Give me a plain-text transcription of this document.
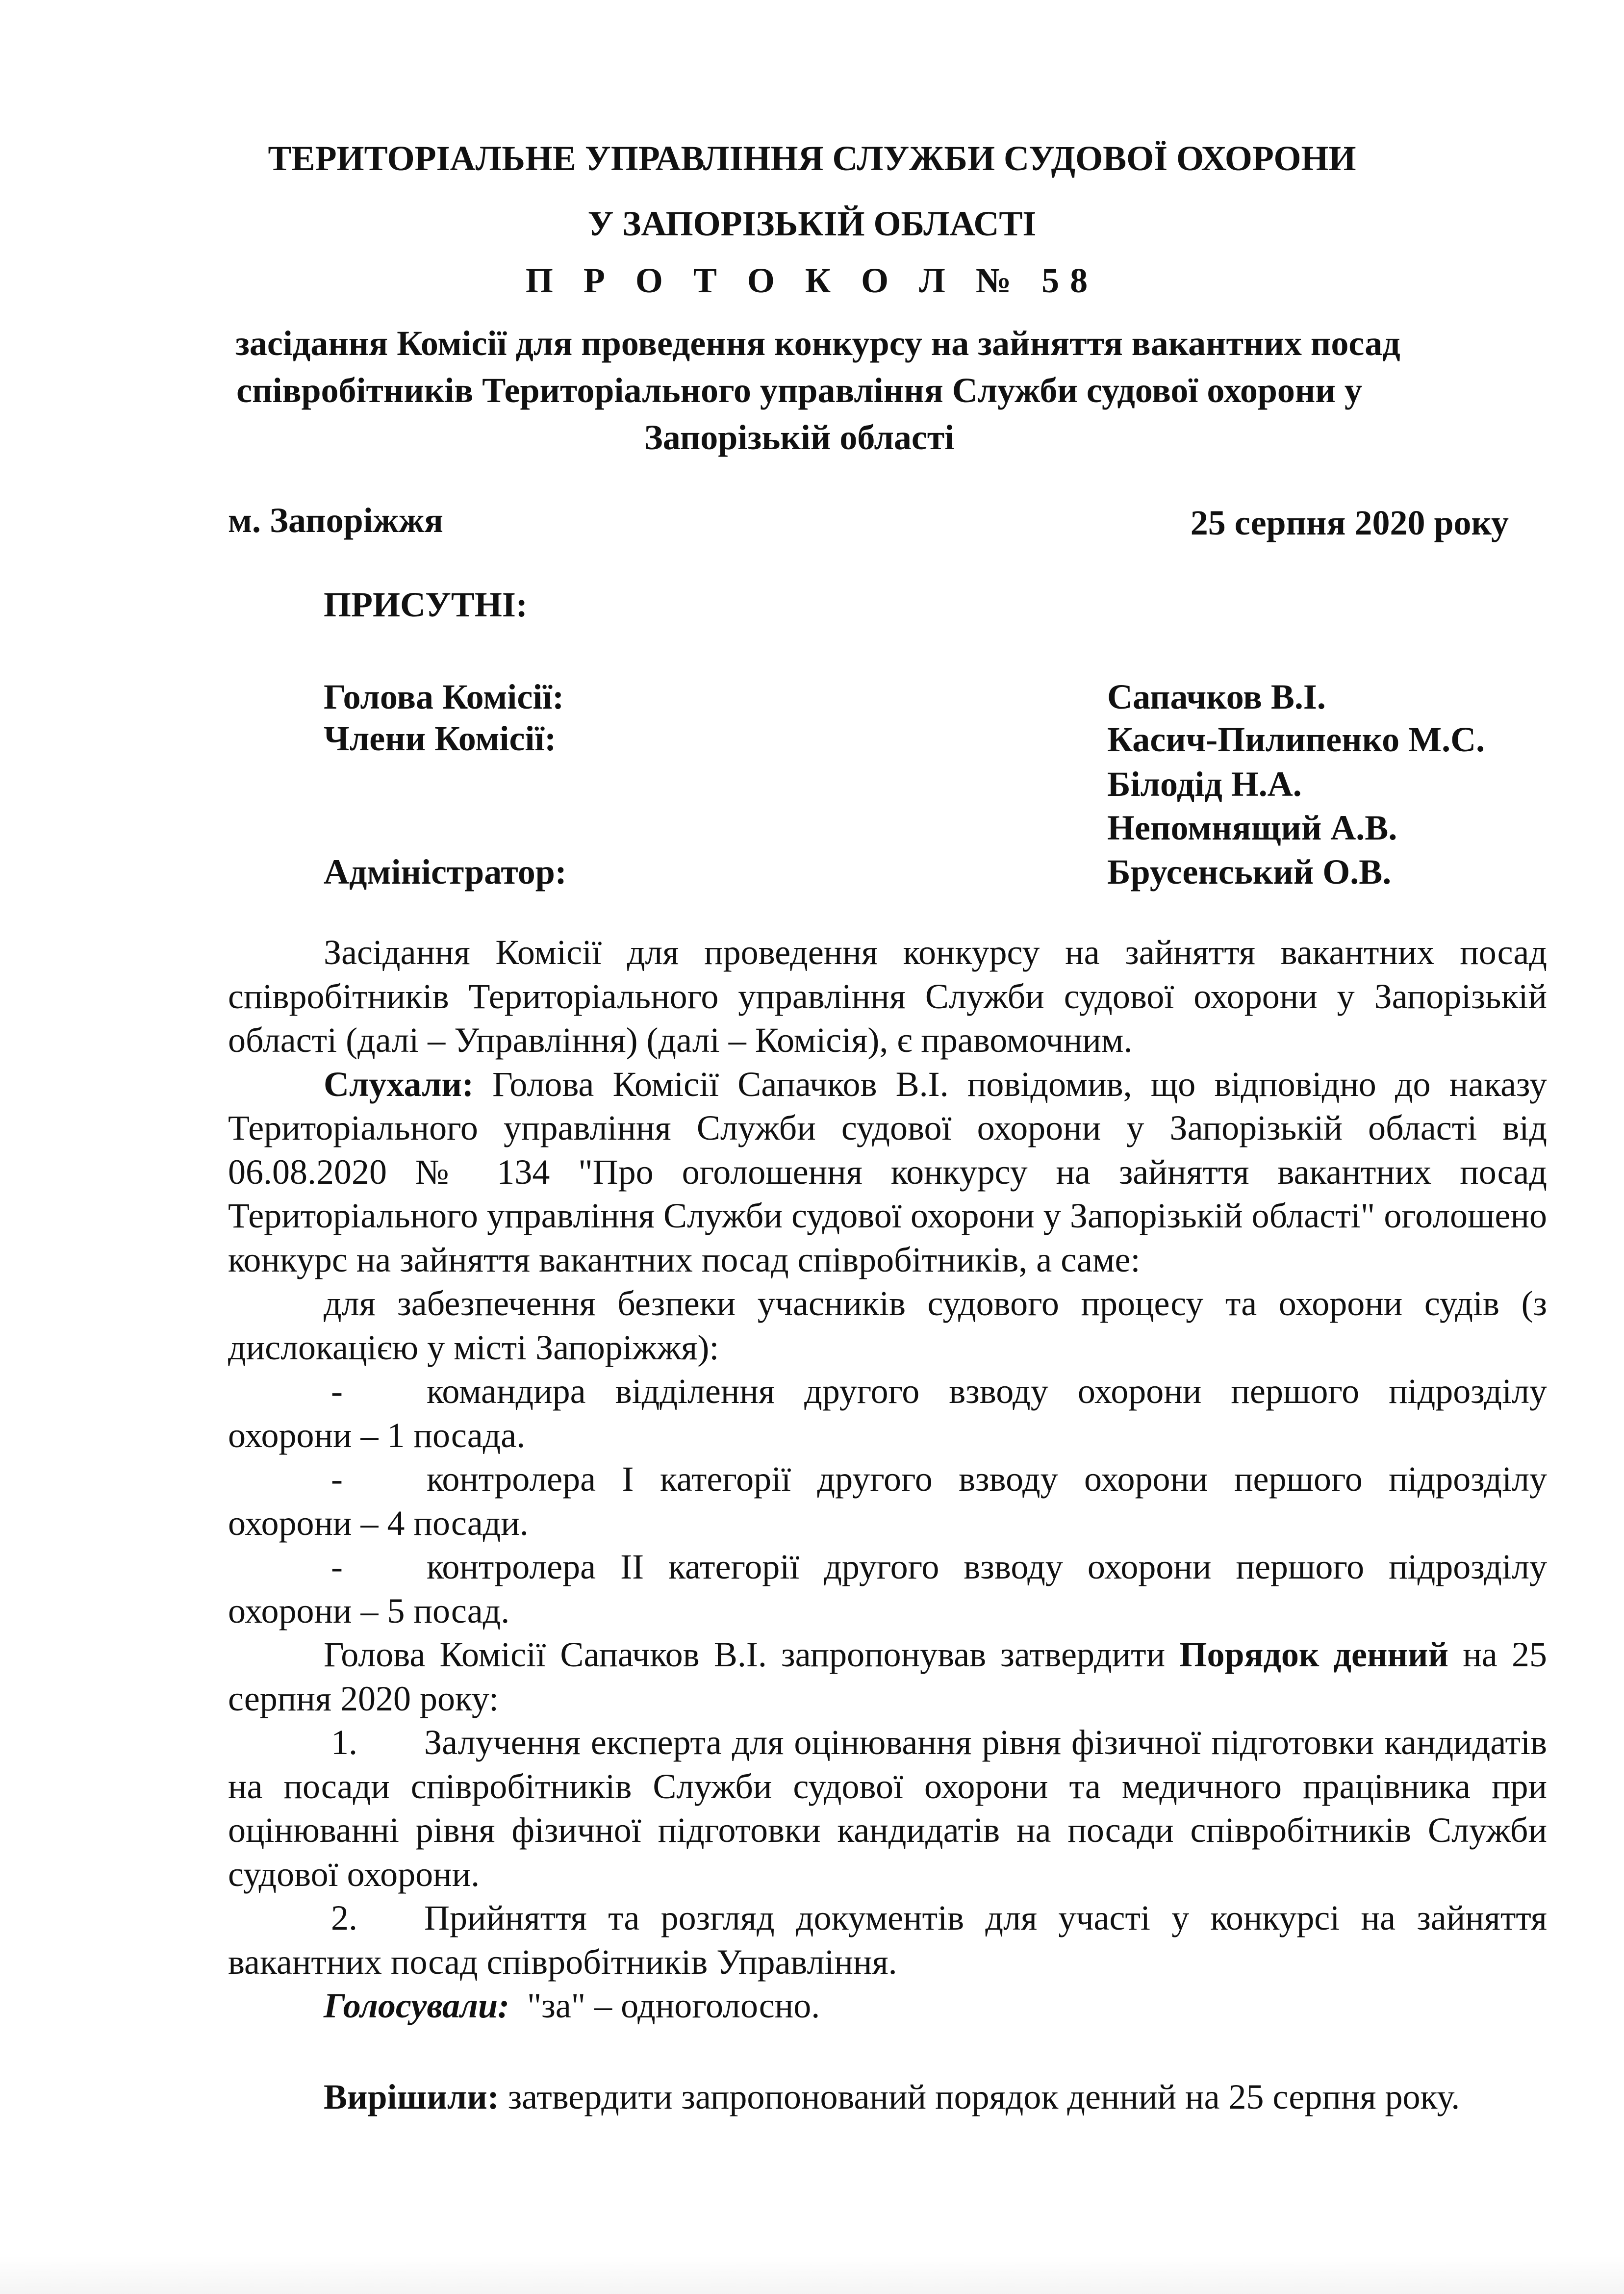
ТЕРИТОРІАЛЬНЕ УПРАВЛІННЯ СЛУЖБИ СУДОВОЇ ОХОРОНИ
У ЗАПОРІЗЬКІЙ ОБЛАСТІ
П Р О Т О К О Л № 58
засідання Комісії для проведення конкурсу на зайняття вакантних посад
співробітників Територіального управління Служби судової охорони у
Запорізькій області
м. Запоріжжя	25 серпня 2020 року
ПРИСУТНІ:
Голова Комісії:	Сапачков В.І.
Члени Комісії:	Касич-Пилипенко М.С.
Білодід Н.А.
Непомнящий А.В.
Адміністратор:	Брусенський О.В.

Засідання Комісії для проведення конкурсу на зайняття вакантних посад співробітників Територіального управління Служби судової охорони у Запорізькій області (далі – Управління) (далі – Комісія), є правомочним.

Слухали: Голова Комісії Сапачков В.І. повідомив, що відповідно до наказу Територіального управління Служби судової охорони у Запорізькій області від 06.08.2020 № 134 "Про оголошення конкурсу на зайняття вакантних посад Територіального управління Служби судової охорони у Запорізькій області" оголошено конкурс на зайняття вакантних посад співробітників, а саме:

для забезпечення безпеки учасників судового процесу та охорони судів (з дислокацією у місті Запоріжжя):

- командира відділення другого взводу охорони першого підрозділу охорони – 1 посада.

- контролера І категорії другого взводу охорони першого підрозділу охорони – 4 посади.

- контролера ІІ категорії другого взводу охорони першого підрозділу охорони – 5 посад.

Голова Комісії Сапачков В.І. запропонував затвердити Порядок денний на 25 серпня 2020 року:

1. Залучення експерта для оцінювання рівня фізичної підготовки кандидатів на посади співробітників Служби судової охорони та медичного працівника при оцінюванні рівня фізичної підготовки кандидатів на посади співробітників Служби судової охорони.

2. Прийняття та розгляд документів для участі у конкурсі на зайняття вакантних посад співробітників Управління.

Голосували:  "за" – одноголосно.

Вирішили: затвердити запропонований порядок денний на 25 серпня року.
